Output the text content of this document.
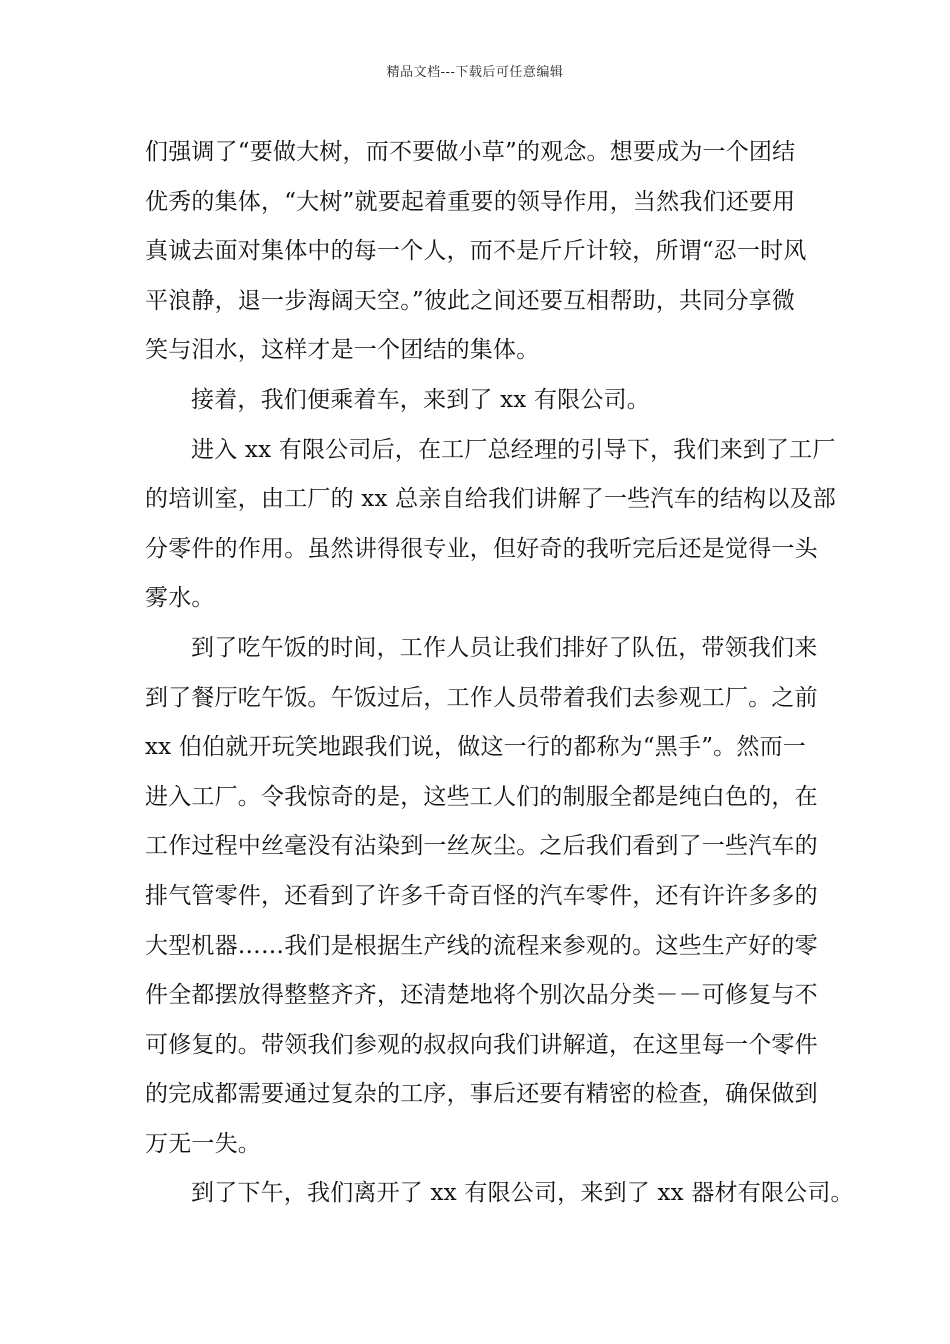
精品文档---下载后可任意编辑
们强调了“要做大树，而不要做小草”的观念。想要成为一个团结
优秀的集体，“大树”就要起着重要的领导作用，当然我们还要用
真诚去面对集体中的每一个人，而不是斤斤计较，所谓“忍一时风
平浪静，退一步海阔天空。”彼此之间还要互相帮助，共同分享微
笑与泪水，这样才是一个团结的集体。
接着，我们便乘着车，来到了 xx 有限公司。
进入 xx 有限公司后，在工厂总经理的引导下，我们来到了工厂
的培训室，由工厂的 xx 总亲自给我们讲解了一些汽车的结构以及部
分零件的作用。虽然讲得很专业，但好奇的我听完后还是觉得一头
雾水。
到了吃午饭的时间，工作人员让我们排好了队伍，带领我们来
到了餐厅吃午饭。午饭过后，工作人员带着我们去参观工厂。之前
xx 伯伯就开玩笑地跟我们说，做这一行的都称为“黑手”。然而一
进入工厂。令我惊奇的是，这些工人们的制服全都是纯白色的，在
工作过程中丝毫没有沾染到一丝灰尘。之后我们看到了一些汽车的
排气管零件，还看到了许多千奇百怪的汽车零件，还有许许多多的
大型机器……我们是根据生产线的流程来参观的。这些生产好的零
件全都摆放得整整齐齐，还清楚地将个别次品分类－－可修复与不
可修复的。带领我们参观的叔叔向我们讲解道，在这里每一个零件
的完成都需要通过复杂的工序，事后还要有精密的检查，确保做到
万无一失。
到了下午，我们离开了 xx 有限公司，来到了 xx 器材有限公司。
